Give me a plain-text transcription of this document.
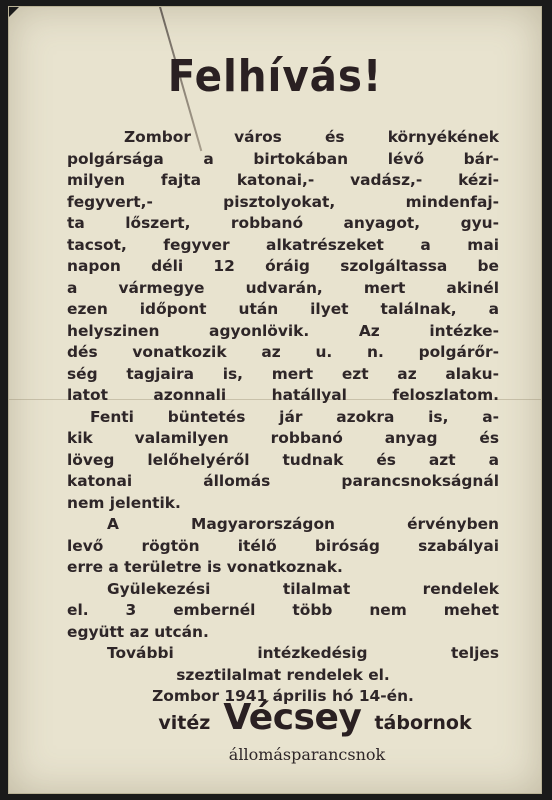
Felhívás!
Zombor város és környékének
polgársága a birtokában lévő bár-
milyen fajta katonai,- vadász,- kézi-
fegyvert,- pisztolyokat, mindenfaj-
ta lőszert, robbanó anyagot, gyu-
tacsot, fegyver alkatrészeket a mai
napon déli 12 óráig szolgáltassa be
a vármegye udvarán, mert akinél
ezen időpont után ilyet találnak, a
helyszinen agyonlövik. Az intézke-
dés vonatkozik az u. n. polgárőr-
ség tagjaira is, mert ezt az alaku-
latot azonnali hatállyal feloszlatom.
Fenti büntetés jár azokra is, a-
kik valamilyen robbanó anyag és
löveg lelőhelyéről tudnak és azt a
katonai állomás parancsnokságnál
nem jelentik.
A Magyarországon érvényben
levő rögtön itélő biróság szabályai
erre a területre is vonatkoznak.
Gyülekezési tilalmat rendelek
el. 3 embernél több nem mehet
együtt az utcán.
További intézkedésig teljes
szeztilalmat rendelek el.
Zombor 1941 április hó 14-én.
vitéz Vécsey tábornok
állomásparancsnok
